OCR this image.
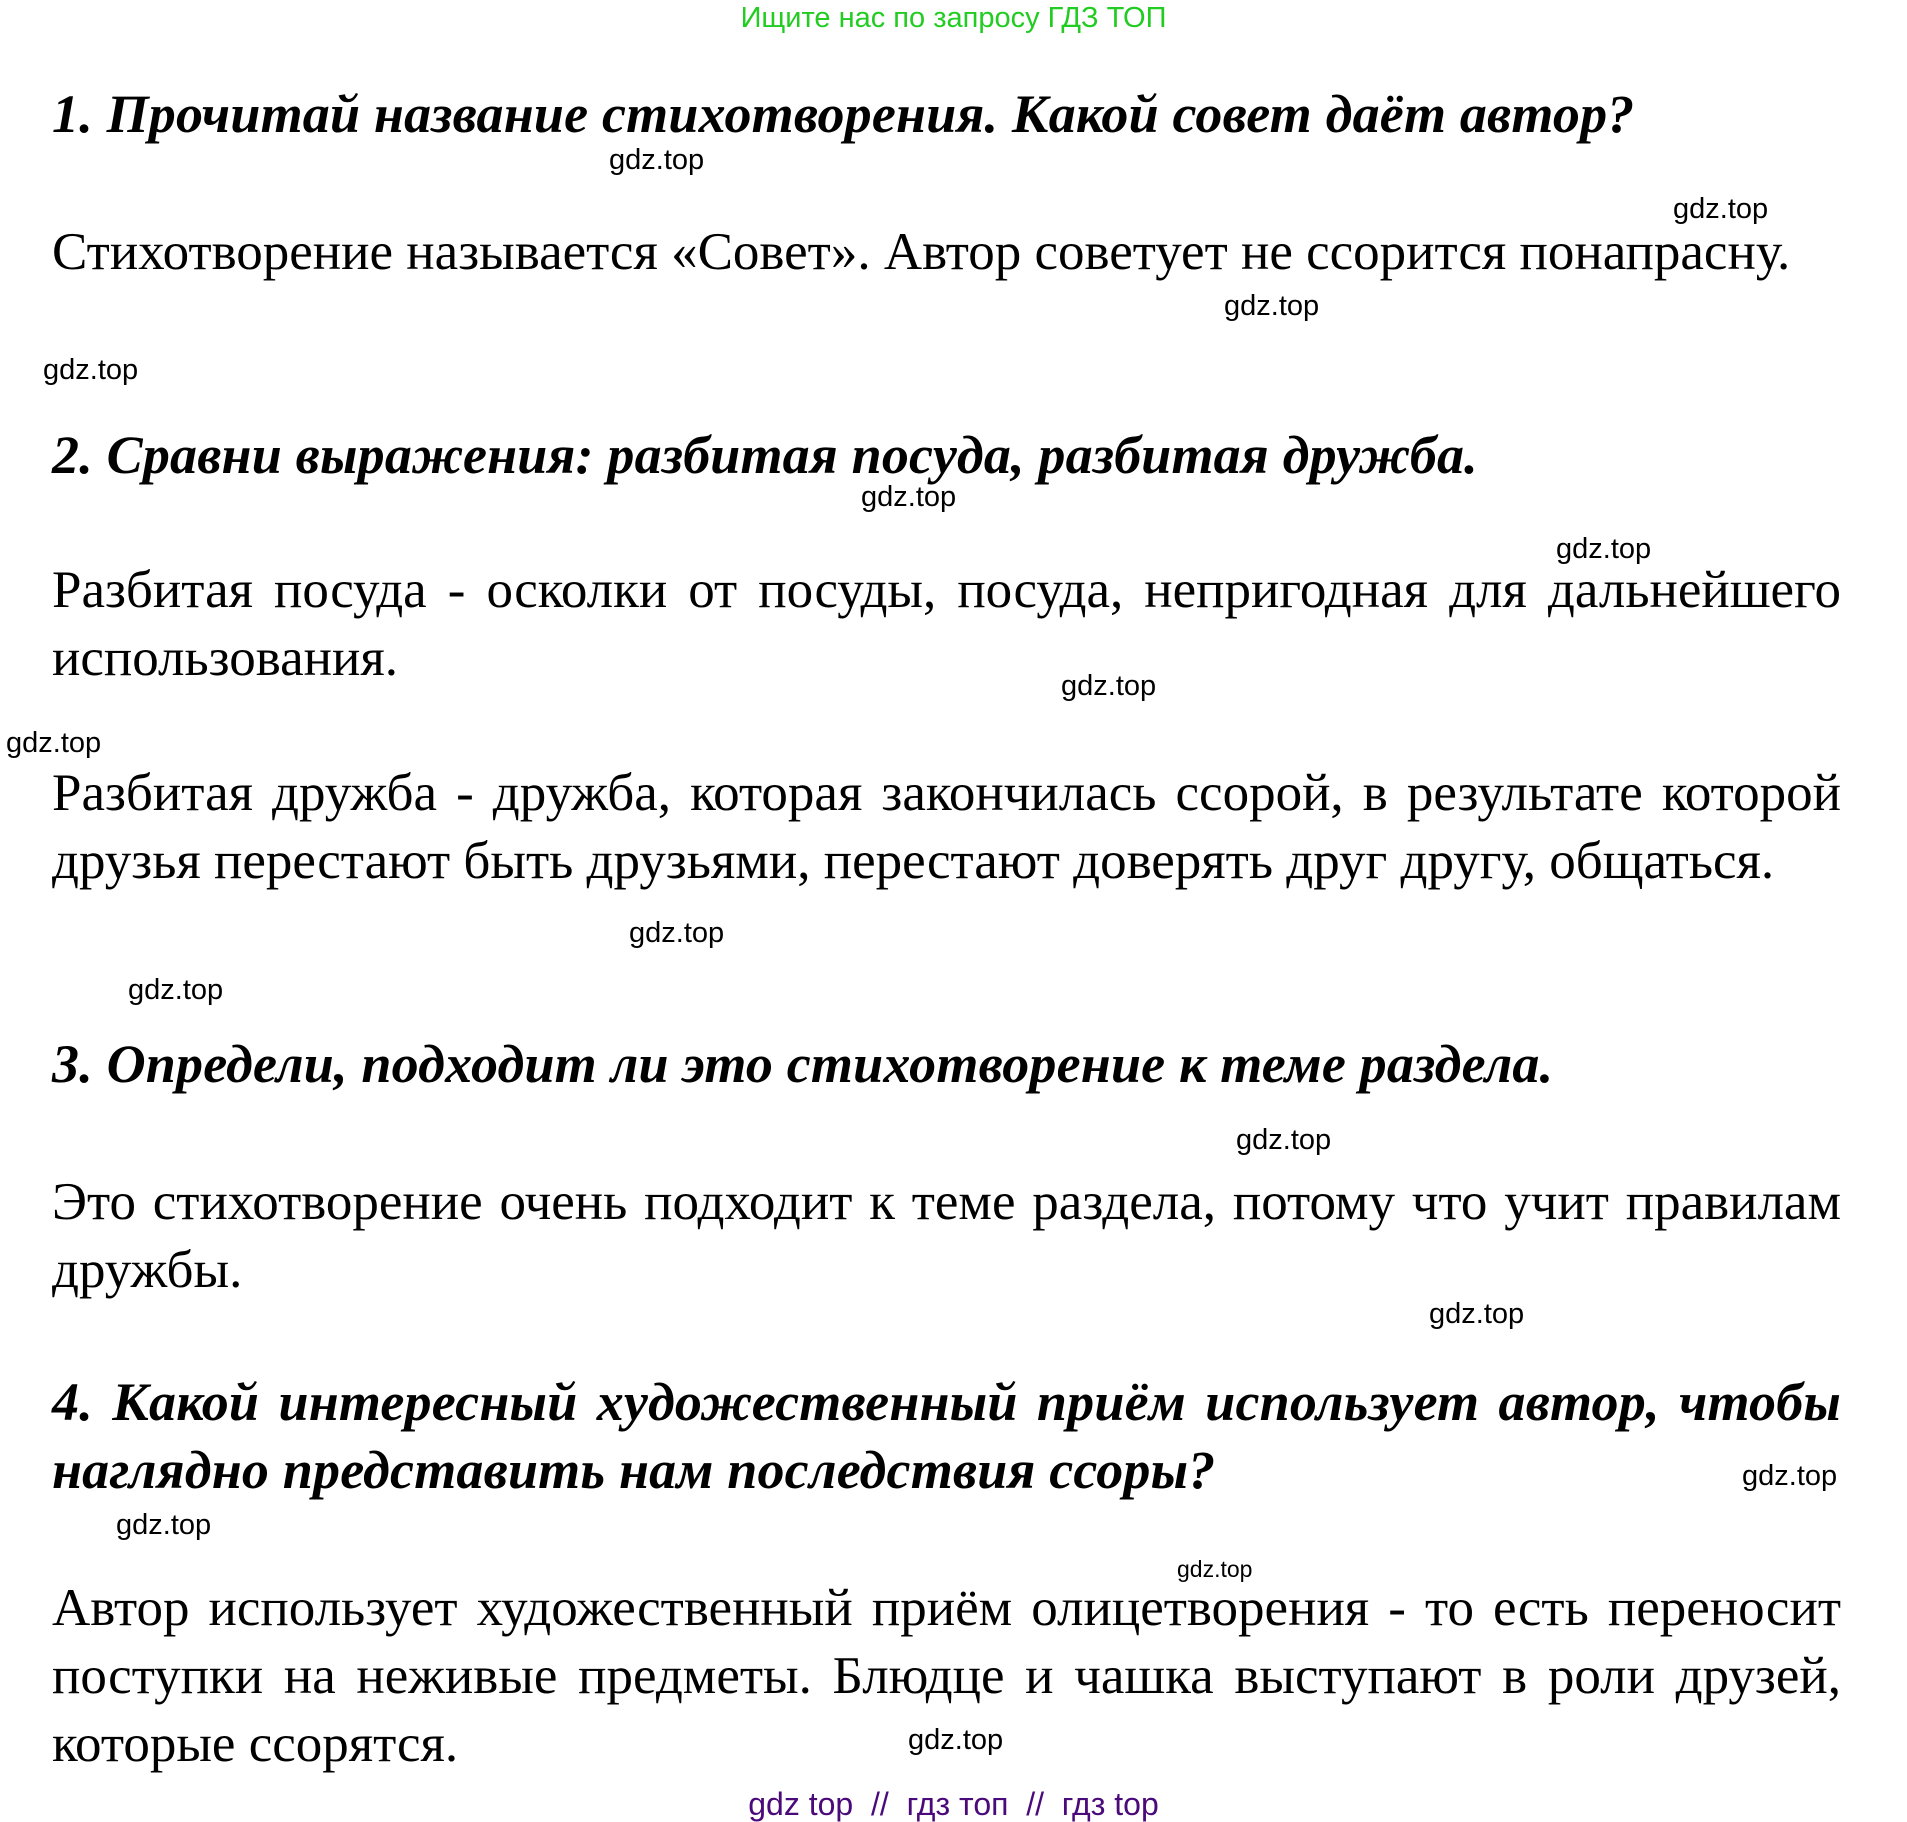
Ищите нас по запросу ГДЗ ТОП
1. Прочитай название стихотворения. Какой совет даёт автор?
Стихотворение называется «Совет». Автор советует не ссорится понапрасну.
2. Сравни выражения: разбитая посуда, разбитая дружба.
Разбитая посуда - осколки от посуды, посуда, непригодная для дальнейшего использования.
Разбитая дружба - дружба, которая закончилась ссорой, в результате которой друзья перестают быть друзьями, перестают доверять друг другу, общаться.
3. Определи, подходит ли это стихотворение к теме раздела.
Это стихотворение очень подходит к теме раздела, потому что учит правилам дружбы.
4. Какой интересный художественный приём использует автор, чтобы наглядно представить нам последствия ссоры?
Автор использует художественный приём олицетворения - то есть переносит поступки на неживые предметы. Блюдце и чашка выступают в роли друзей, которые ссорятся.
gdz.top
gdz.top
gdz.top
gdz.top
gdz.top
gdz.top
gdz.top
gdz.top
gdz.top
gdz.top
gdz.top
gdz.top
gdz.top
gdz.top
gdz.top
gdz.top
gdz top  //  гдз топ  //  гдз top
